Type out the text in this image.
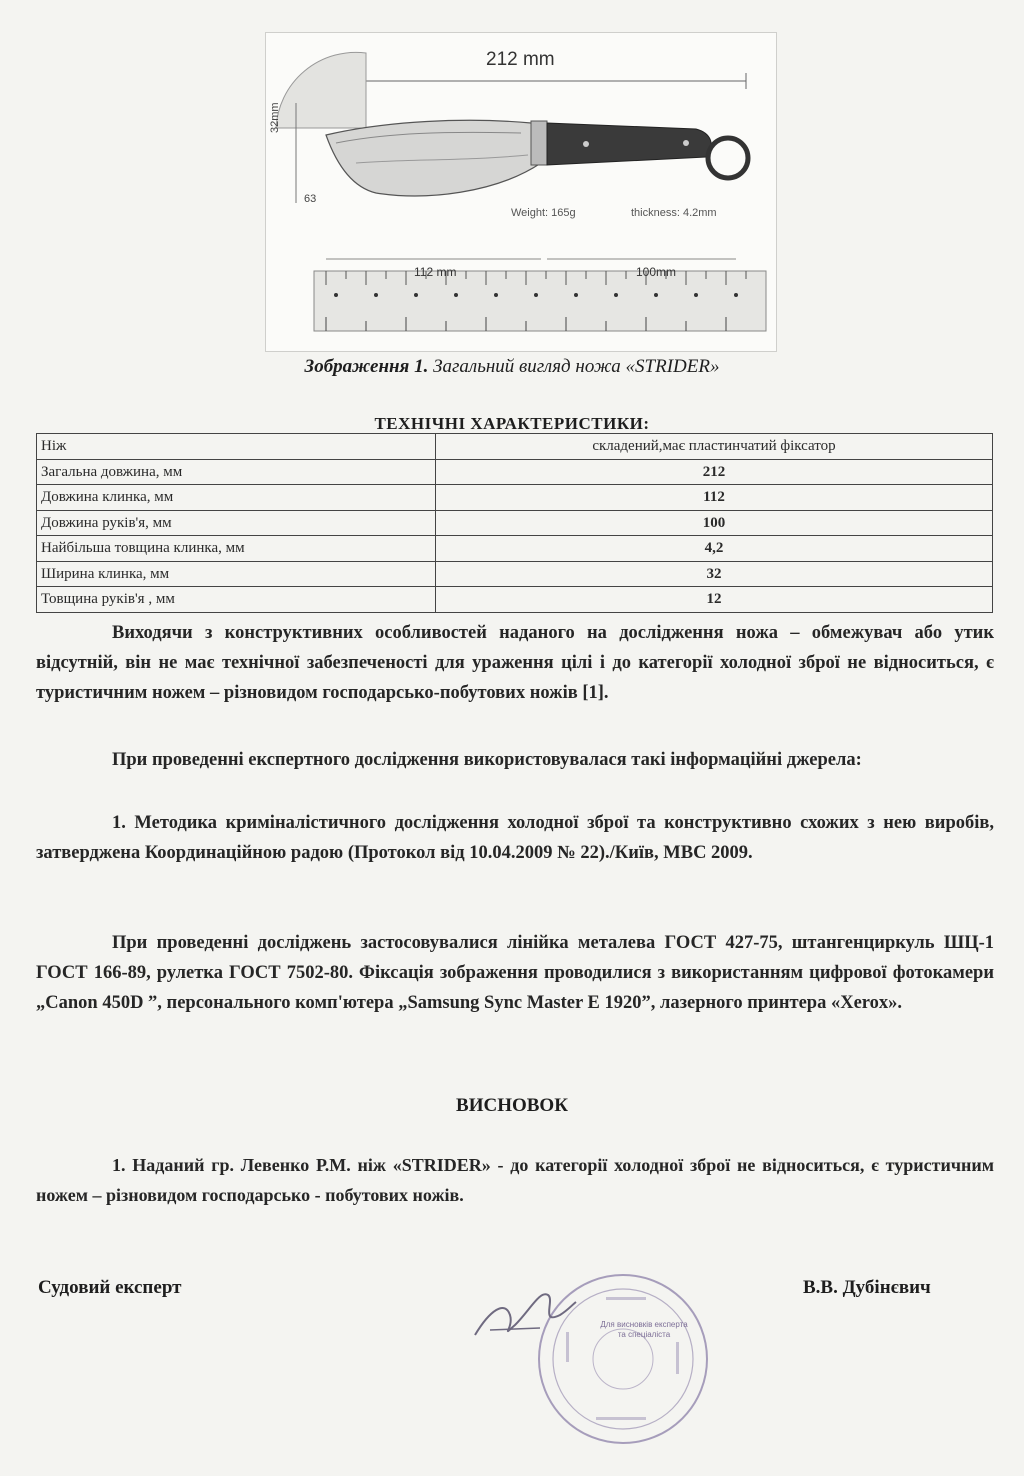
212 mm
Weight: 165g	thickness: 4.2mm
112 mm	100mm
32mm
63
Зображення 1. Загальний вигляд ножа «STRIDER»
ТЕХНІЧНІ ХАРАКТЕРИСТИКИ:
Ніж	складений,має пластинчатий фіксатор
Загальна довжина, мм	212
Довжина клинка, мм	112
Довжина руків'я, мм	100
Найбільша товщина клинка, мм	4,2
Ширина клинка, мм	32
Товщина руків'я , мм	12
Виходячи з конструктивних особливостей наданого на дослідження ножа – обмежувач або утик відсутній, він не має технічної забезпеченості для ураження цілі і до категорії холодної зброї не відноситься, є туристичним ножем – різновидом господарсько-побутових ножів [1].
При проведенні експертного дослідження використовувалася такі інформаційні джерела:
1. Методика криміналістичного дослідження холодної зброї та конструктивно схожих з нею виробів, затверджена Координаційною радою (Протокол від 10.04.2009 № 22)./Київ, МВС 2009.
При проведенні досліджень застосовувалися лінійка металева ГОСТ 427-75, штангенциркуль ШЦ-1 ГОСТ 166-89, рулетка ГОСТ 7502-80. Фіксація зображення проводилися з використанням цифрової фотокамери „Canon 450D ”, персонального комп'ютера „Samsung Sync Master E 1920”, лазерного принтера «Xerox».
ВИСНОВОК
1. Наданий гр. Левенко Р.М. ніж «STRIDER» - до категорії холодної зброї не відноситься, є туристичним ножем – різновидом господарсько - побутових ножів.
Судовий експерт
Для висновків експерта та спеціаліста
В.В. Дубінєвич
